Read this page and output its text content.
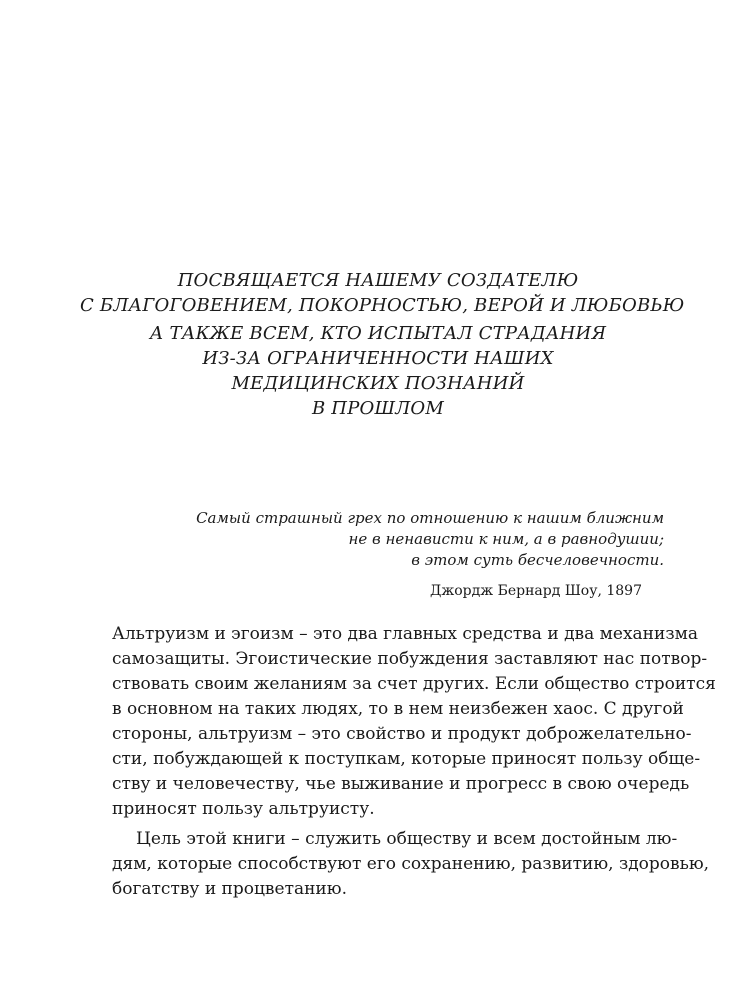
ПОСВЯЩАЕТСЯ НАШЕМУ СОЗДАТЕЛЮ
С БЛАГОГОВЕНИЕМ, ПОКОРНОСТЬЮ, ВЕРОЙ И ЛЮБОВЬЮ
А ТАКЖЕ ВСЕМ, КТО ИСПЫТАЛ СТРАДАНИЯ
ИЗ-ЗА ОГРАНИЧЕННОСТИ НАШИХ
МЕДИЦИНСКИХ ПОЗНАНИЙ
В ПРОШЛОМ

Самый страшный грех по отношению к нашим ближним
не в ненависти к ним, а в равнодушии;
в этом суть бесчеловечности.

Джордж Бернард Шоу, 1897

Альтруизм и эгоизм – это два главных средства и два механизма
самозащиты. Эгоистические побуждения заставляют нас потвор-
ствовать своим желаниям за счет других. Если общество строится
в основном на таких людях, то в нем неизбежен хаос. С другой
стороны, альтруизм – это свойство и продукт доброжелательно-
сти, побуждающей к поступкам, которые приносят пользу обще-
ству и человечеству, чье выживание и прогресс в свою очередь
приносят пользу альтруисту.

Цель этой книги – служить обществу и всем достойным лю-
дям, которые способствуют его сохранению, развитию, здоровью,
богатству и процветанию.
